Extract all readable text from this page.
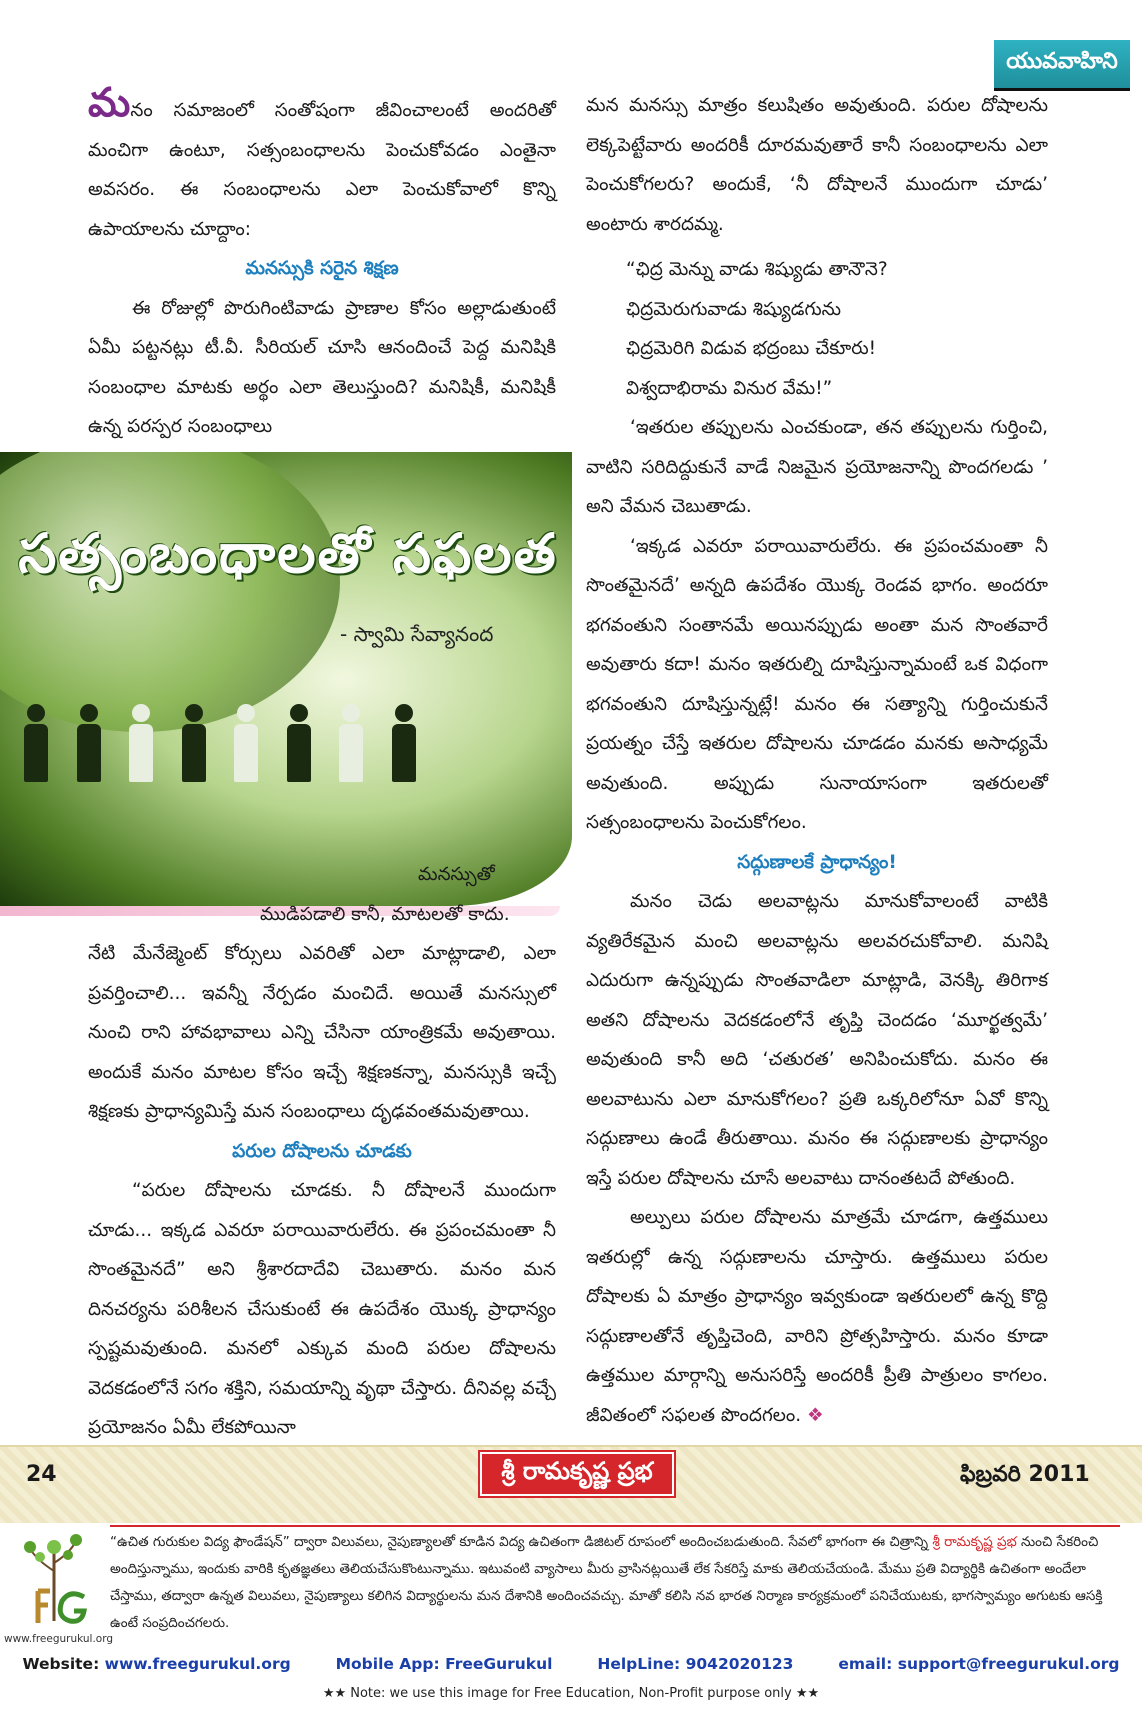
యువవాహిని

మనం సమాజంలో సంతోషంగా జీవించాలంటే అందరితో మంచిగా ఉంటూ, సత్సంబంధాలను పెంచుకోవడం ఎంతైనా అవసరం. ఈ సంబంధాలను ఎలా పెంచుకోవాలో కొన్ని ఉపాయాలను చూద్దాం:

మనస్సుకి సరైన శిక్షణ

ఈ రోజుల్లో పొరుగింటివాడు ప్రాణాల కోసం అల్లాడుతుంటే ఏమీ పట్టనట్లు టీ.వీ. సీరియల్ చూసి ఆనందించే పెద్ద మనిషికి సంబంధాల మాటకు అర్థం ఎలా తెలుస్తుంది? మనిషికీ, మనిషికీ ఉన్న పరస్పర సంబంధాలు

సత్సంబంధాలతో సఫలత
- స్వామి సేవ్యానంద

మనస్సుతో

ముడిపడాలి కానీ, మాటలతో కాదు.

నేటి మేనేజ్మెంట్ కోర్సులు ఎవరితో ఎలా మాట్లాడాలి, ఎలా ప్రవర్తించాలి... ఇవన్నీ నేర్పడం మంచిదే. అయితే మనస్సులో నుంచి రాని హావభావాలు ఎన్ని చేసినా యాంత్రికమే అవుతాయి. అందుకే మనం మాటల కోసం ఇచ్చే శిక్షణకన్నా, మనస్సుకి ఇచ్చే శిక్షణకు ప్రాధాన్యమిస్తే మన సంబంధాలు దృఢవంతమవుతాయి.

పరుల దోషాలను చూడకు

“పరుల దోషాలను చూడకు. నీ దోషాలనే ముందుగా చూడు... ఇక్కడ ఎవరూ పరాయివారులేరు. ఈ ప్రపంచమంతా నీ సొంతమైనదే” అని శ్రీశారదాదేవి చెబుతారు. మనం మన దినచర్యను పరిశీలన చేసుకుంటే ఈ ఉపదేశం యొక్క ప్రాధాన్యం స్పష్టమవుతుంది. మనలో ఎక్కువ మంది పరుల దోషాలను వెదకడంలోనే సగం శక్తిని, సమయాన్ని వృథా చేస్తారు. దీనివల్ల వచ్చే ప్రయోజనం ఏమీ లేకపోయినా

మన మనస్సు మాత్రం కలుషితం అవుతుంది. పరుల దోషాలను లెక్కపెట్టేవారు అందరికీ దూరమవుతారే కానీ సంబంధాలను ఎలా పెంచుకోగలరు? అందుకే, ‘నీ దోషాలనే ముందుగా చూడు’ అంటారు శారదమ్మ.

“ఛిద్ర మెన్ను వాడు శిష్యుడు తానౌనె?

ఛిద్రమెరుగువాడు శిష్యుడగును

ఛిద్రమెరిగి విడువ భద్రంబు చేకూరు!

విశ్వదాభిరామ వినుర వేమ!”

‘ఇతరుల తప్పులను ఎంచకుండా, తన తప్పులను గుర్తించి, వాటిని సరిదిద్దుకునే వాడే నిజమైన ప్రయోజనాన్ని పొందగలడు ’ అని వేమన చెబుతాడు.

‘ఇక్కడ ఎవరూ పరాయివారులేరు. ఈ ప్రపంచమంతా నీ సొంతమైనదే’ అన్నది ఉపదేశం యొక్క రెండవ భాగం. అందరూ భగవంతుని సంతానమే అయినప్పుడు అంతా మన సొంతవారే అవుతారు కదా! మనం ఇతరుల్ని దూషిస్తున్నామంటే ఒక విధంగా భగవంతుని దూషిస్తున్నట్లే! మనం ఈ సత్యాన్ని గుర్తించుకునే ప్రయత్నం చేస్తే ఇతరుల దోషాలను చూడడం మనకు అసాధ్యమే అవుతుంది. అప్పుడు సునాయాసంగా ఇతరులతో సత్సంబంధాలను పెంచుకోగలం.

సద్గుణాలకే ప్రాధాన్యం!

మనం చెడు అలవాట్లను మానుకోవాలంటే వాటికి వ్యతిరేకమైన మంచి అలవాట్లను అలవరచుకోవాలి. మనిషి ఎదురుగా ఉన్నప్పుడు సొంతవాడిలా మాట్లాడి, వెనక్కి తిరిగాక అతని దోషాలను వెదకడంలోనే తృప్తి చెందడం ‘మూర్ఖత్వమే’ అవుతుంది కానీ అది ‘చతురత’ అనిపించుకోదు. మనం ఈ అలవాటును ఎలా మానుకోగలం? ప్రతి ఒక్కరిలోనూ ఏవో కొన్ని సద్గుణాలు ఉండే తీరుతాయి. మనం ఈ సద్గుణాలకు ప్రాధాన్యం ఇస్తే పరుల దోషాలను చూసే అలవాటు దానంతటదే పోతుంది.

అల్పులు పరుల దోషాలను మాత్రమే చూడగా, ఉత్తములు ఇతరుల్లో ఉన్న సద్గుణాలను చూస్తారు. ఉత్తములు పరుల దోషాలకు ఏ మాత్రం ప్రాధాన్యం ఇవ్వకుండా ఇతరులలో ఉన్న కొద్ది సద్గుణాలతోనే తృప్తిచెంది, వారిని ప్రోత్సహిస్తారు. మనం కూడా ఉత్తముల మార్గాన్ని అనుసరిస్తే అందరికీ ప్రీతి పాత్రులం కాగలం. జీవితంలో సఫలత పొందగలం. ❖

24	శ్రీ రామకృష్ణ ప్రభ	ఫిబ్రవరి 2011
www.freegurukul.org
“ఉచిత గురుకుల విద్య ఫౌండేషన్” ద్వారా విలువలు, నైపుణ్యాలతో కూడిన విద్య ఉచితంగా డిజిటల్ రూపంలో అందించబడుతుంది. సేవలో భాగంగా ఈ చిత్రాన్ని శ్రీ రామకృష్ణ ప్రభ నుంచి సేకరించి అందిస్తున్నాము, ఇందుకు వారికి కృతజ్ఞతలు తెలియచేసుకొంటున్నాము. ఇటువంటి వ్యాసాలు మీరు వ్రాసినట్లయితే లేక సేకరిస్తే మాకు తెలియచేయండి. మేము ప్రతి విద్యార్థికి ఉచితంగా అందేలా చేస్తాము, తద్వారా ఉన్నత విలువలు, నైపుణ్యాలు కలిగిన విద్యార్థులను మన దేశానికి అందించవచ్చు. మాతో కలిసి నవ భారత నిర్మాణ కార్యక్రమంలో పనిచేయుటకు, భాగస్వామ్యం అగుటకు ఆసక్తి ఉంటే సంప్రదించగలరు.
Website: www.freegurukul.org	Mobile App: FreeGurukul	HelpLine: 9042020123	email: support@freegurukul.org
★★ Note: we use this image for Free Education, Non-Profit purpose only ★★
